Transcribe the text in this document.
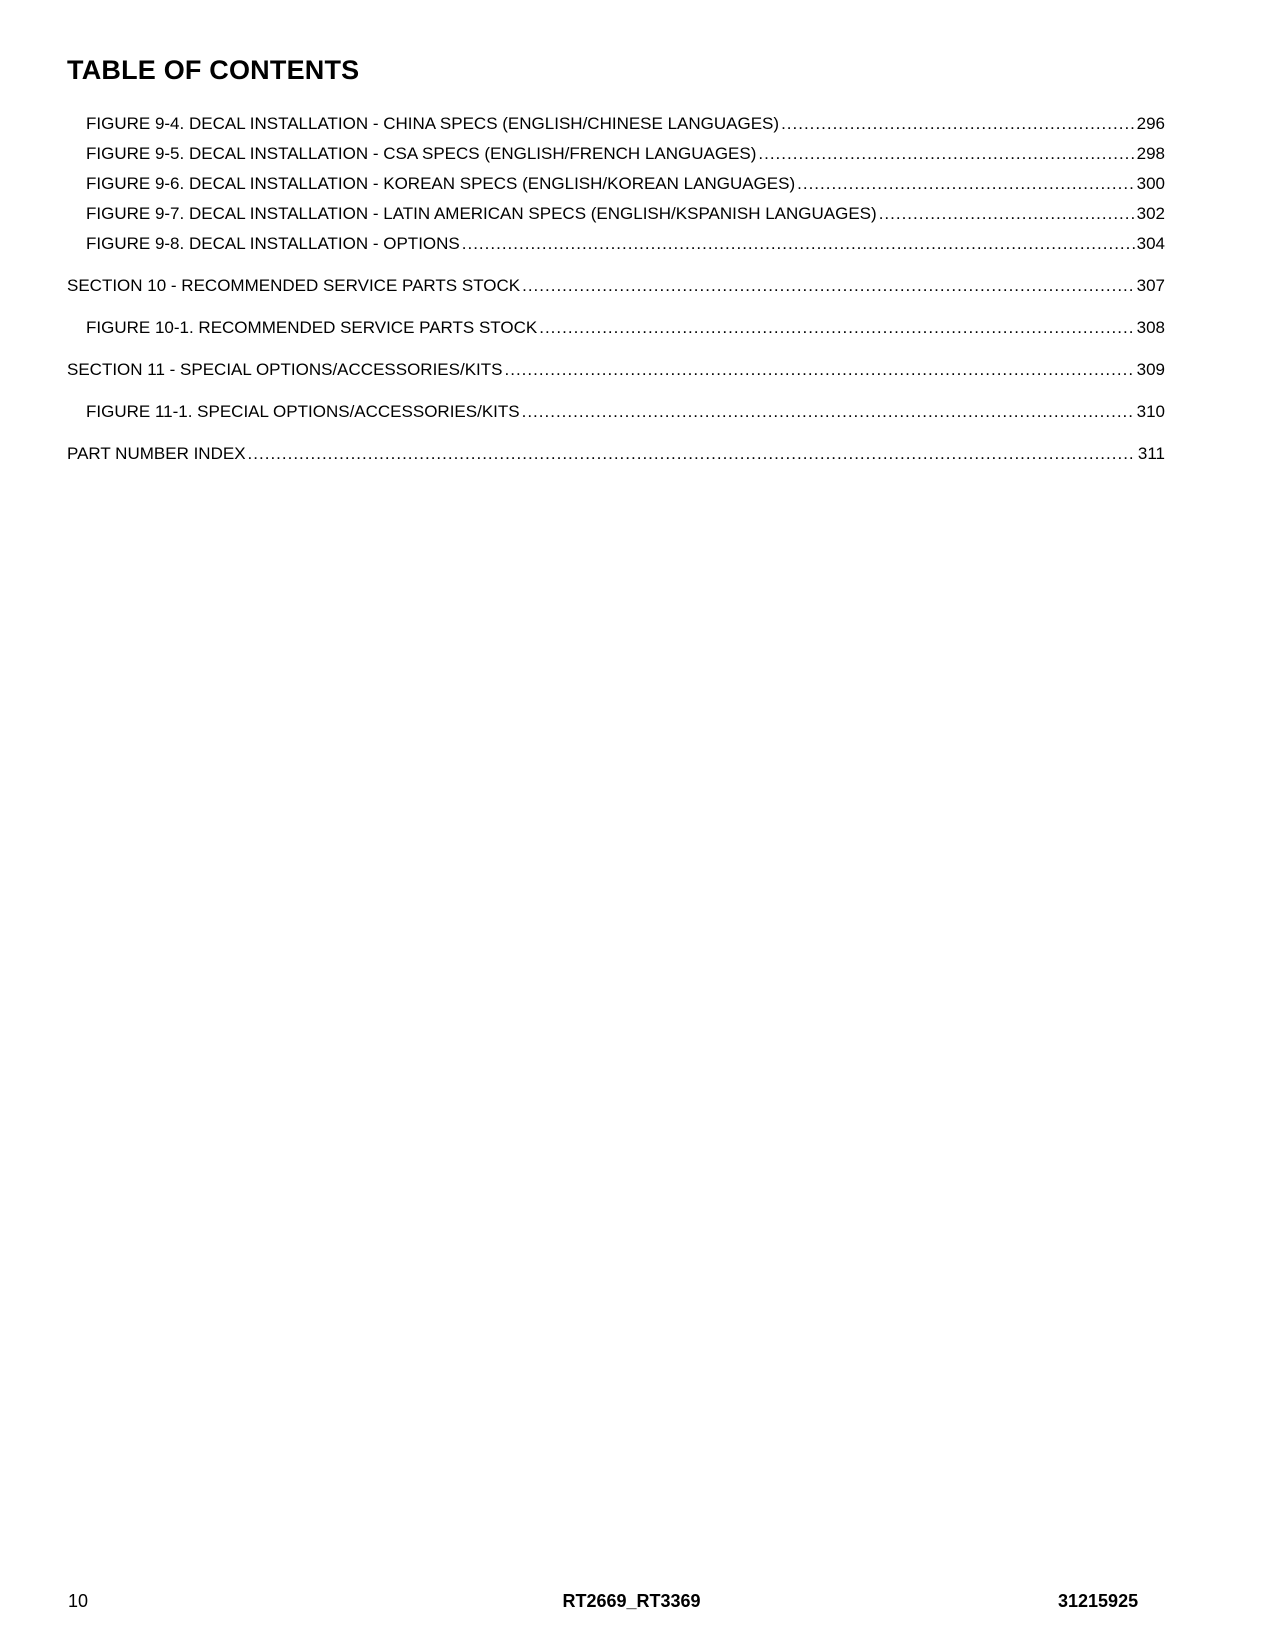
TABLE OF CONTENTS
FIGURE 9-4. DECAL INSTALLATION - CHINA SPECS (ENGLISH/CHINESE LANGUAGES) .....	296
FIGURE 9-5. DECAL INSTALLATION - CSA SPECS (ENGLISH/FRENCH LANGUAGES) .....	298
FIGURE 9-6. DECAL INSTALLATION - KOREAN SPECS (ENGLISH/KOREAN LANGUAGES) .....	300
FIGURE 9-7. DECAL INSTALLATION - LATIN AMERICAN SPECS (ENGLISH/KSPANISH LANGUAGES) .....	302
FIGURE 9-8. DECAL INSTALLATION - OPTIONS .....	304
SECTION 10 - RECOMMENDED SERVICE PARTS STOCK .....	307
FIGURE 10-1. RECOMMENDED SERVICE PARTS STOCK .....	308
SECTION 11 - SPECIAL OPTIONS/ACCESSORIES/KITS .....	309
FIGURE 11-1. SPECIAL OPTIONS/ACCESSORIES/KITS .....	310
PART NUMBER INDEX .....	311
10	RT2669_RT3369	31215925
